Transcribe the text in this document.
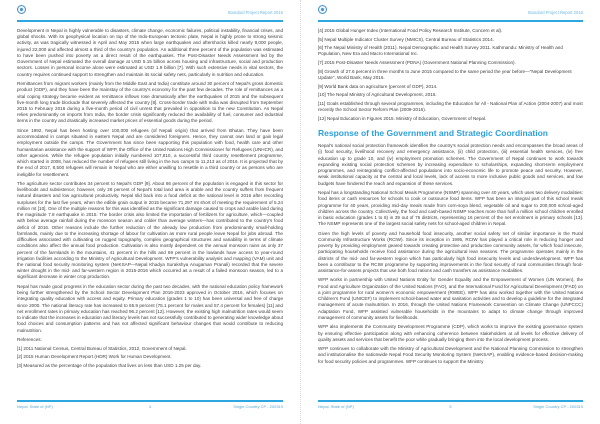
Standard Project Report 2016

Development in Nepal is highly vulnerable to disasters, climate change, economic failures, political instability, financial crises, and global shocks. With its geophysical location on top of the Indo-European tectonic plate, Nepal is highly prone to strong seismic activity, as was tragically witnessed in April and May 2015 when large earthquakes and aftershocks killed nearly 9,000 people, injured 22,000 and affected almost a third of the country's population. An additional three percent of the population was estimated to have been pushed into poverty as a direct result of the earthquakes. The Post-Disaster Needs Assessment led by the Government of Nepal estimated the overall damage at USD 5.15 billion across housing and infrastructure, social and production sectors. Losses in personal income alone were estimated at USD 1.9 billion [7]. With such extensive needs in vital sectors, the country requires continued support to strengthen and maintain its social safety nets, particularly in nutrition and education.

Remittances from migrant workers (mainly from the Middle East and India) constitute around 30 percent of Nepal's gross domestic product (GDP), and they have been the mainstay of the country's economy for the past few decades. The role of remittances as a vital coping strategy became evident as remittance inflows rose dramatically after the earthquakes of 2015 and the subsequent five-month long trade blockade that severely affected the country [8]. Cross-border trade with India was disrupted from September 2015 to February 2016 during a five-month period of civil unrest that prevailed in opposition to the new Constitution. As Nepal relies predominantly on imports from India, the border crisis significantly reduced the availability of fuel, consumer and industrial items in the country and drastically increased market prices of essential goods during the period.

Since 1992, Nepal has been hosting over 100,000 refugees (of Nepali origin) that arrived from Bhutan. They have been accommodated in camps situated in eastern Nepal and are considered foreigners. Hence, they cannot own land or gain legal employment outside the camps. The Government has since been supporting this population with food, health care and other humanitarian assistance with the support of WFP, the Office of the United Nations High Commissioner for Refugees (UNHCR), and other agencies. While the refugee population initially numbered 107,810, a successful third country resettlement programme, which started in 2008, has reduced the number of refugees still living in the two camps to 11,213 as of 2016. It is projected that by the end of 2017, 8,500 refugees will remain in Nepal who are either unwilling to resettle in a third country or as persons who are ineligible for resettlement.

The agriculture sector contributes 34 percent to Nepal's GDP [9]. About 66 percent of the population is engaged in this sector for livelihoods and subsistence; however, only 28 percent of Nepal's total land area is arable and the country suffers from frequent natural disasters and low agricultural productivity. Nepal slid back into a food deficit at the national level in 2016 after recording surpluses for the last five years, when the edible grain output in 2015 became 71,297 mt short of meeting the requirement of 5.24 million mt [10]. One of the multiple reasons for this was identified as the significant damage caused to crops and arable land during the magnitude 7.8 earthquake in 2015. The border crisis also limited the importation of fertilizers for agriculture, which—coupled with below average rainfall during the monsoon season and colder than average winters—has contributed to the country's food deficit of 2016. Other reasons include the further reduction of the already low production from predominantly small-holding farmlands, mainly due to the increasing shortage of labour for cultivation as more rural people leave Nepal for jobs abroad. The difficulties associated with cultivating on rugged topography, complex geographical structures and variability in terms of climate conditions also affect the annual food production. Cultivation is also mostly dependent on the annual monsoon rains as only 37 percent of the farmlands in the mountains, 41 percent in the hills and 69 percent in the lowlands have access to year-round irrigation facilities according to the Ministry of Agricultural Development. WFP's vulnerability analysis and mapping (VAM) unit and the national food security monitoring system (NeKSAP—Nepal Khadya Surakshya Anugaman Pranali) recorded that the severe winter drought in the mid- and far-western region in 2015-2016 which occurred as a result of a failed monsoon season, led to a significant decrease in winter crop production.

Nepal has made good progress in the education sector during the past two decades, with the national education policy framework being further strengthened by the School Sector Development Plan 2016-2023 approved in October 2016, which focuses on integrating quality education with access and equity. Primary education (grades 1 to 10) has been universal and free of charge since 2000. The national literacy rate has increased to 65.9 percent (75.1 percent for males and 57.4 percent for females) [11] and net enrollment rates in primary education has reached 96.2 percent [12]. However, the existing high malnutrition rates would seem to indicate that the increases in education and literacy levels has not successfully contributed to generating wider knowledge about food choices and consumption patterns and has not affected significant behaviour changes that would contribute to reducing malnutrition.

References:

[1] 2011 National Census, Central Bureau of Statistics, 2012, Government of Nepal.

[2] 2015 Human Development Report (HDR) Work for Human Development.

[3] Measured as the percentage of the population that lives on less than USD 1.25 per day.

Nepal, State of (NP)	4	Single Country CP - 200319
Standard Project Report 2016

[4] 2015 Global Hunger Index (International Food Policy Research Institute, Concern et al).

[5] Nepal Multiple Indicator Cluster Survey (NMICS), Central Bureau of Statistics 2014.

[6] The Nepal Ministry of Health (2011). Nepal Demographic and Health Survey 2011. Kathmandu: Ministry of Health and Population, New Era and Macro International Inc.

[7] 2015 Post-Disaster Needs Assessment (PDNA) (Government National Planning Commission).

[8] Growth of 27.6 percent in three months to June 2015 compared to the same period the year before—"Nepal Development Update", World Bank, May 2016.

[9] World Bank data on agriculture (percent of GDP), 2014.

[10] The Nepal Ministry of Agricultural Development, 2016.

[11] Goals established through several programmes, including the Education for All - National Plan of Action (2004-2007) and most recently the School Sector Reform Plan (2009-2016).

[12] Nepal Education in Figures 2015. Ministry of Education, Government of Nepal.

Response of the Government and Strategic Coordination

Nepal's national social protection framework identifies the country's social protection needs and encompasses the broad areas of (i) food security, livelihood recovery and emergency assistance, (ii) child protection, (iii) essential health services, (iv) free education up to grade 10, and (iv) employment promotion schemes. The Government of Nepal continues to work towards expanding existing social protection schemes by increasing expenditure to scholarships, expanding short-term employment programmes, and reintegrating conflict-affected populations into socio-economic life to promote peace and security. However, weak institutional capacity at the central and local levels, lack of access to more inclusive public goods and services, and low budgets have hindered the reach and expansion of these services.

Nepal has a longstanding National School Meals Programme (NSMP) spanning over 40 years, which uses two delivery modalities: food items or cash resources for schools to cook or outsource food items. WFP has been an integral part of this school meals programme for 40 years, providing mid-day meals made from corn-soya blend, vegetable oil and sugar to 200,000 school-aged children across the country. Collectively, the food and cash-based NSMP reaches more than half a million school children enrolled in basic education (grades 1 to 8) in 39 out of 75 districts, representing 16 percent of the net enrolment in primary schools [13]. The NSMP represents one of the largest social safety nets for school-aged children in Nepal.

Given the high levels of poverty and household food insecurity, another social safety net of similar importance is the Rural Community Infrastructure Works (RCIW). Since its inception in 1995, RCIW has played a critical role in reducing hunger and poverty by providing employment geared towards creating protective and productive community assets, for which food insecure, participating households receive food assistance during the agricultural lean seasons. The programme operates mainly in the districts of the mid- and far-western region which has particularly high food insecurity levels and underdevelopment. WFP has been a contributor to the RCIW programme by supporting improvements in the food security of rural communities through food-assistance-for-assets projects that use both food rations and cash transfers as assistance modalities.

WFP works in partnership with United Nations Entity for Gender Equality and the Empowerment of Women (UN Women), the Food and Agriculture Organization of the United Nations (FAO), and the International Fund for Agricultural Development (IFAD) on a joint programme for rural women's economic empowerment (RWEE). WFP has also worked together with the United Nations Children's Fund (UNICEF) to implement school-based water and sanitation activities and to develop a guideline for the integrated management of acute malnutrition. In 2016, through the United Nations Framework Convention on Climate Change (UNFCCC) Adaptation Fund, WFP assisted vulnerable households in the mountains to adapt to climate change through improved management of community assets for livelihoods.

WFP also implements the Community Development Programme (CDP), which works to improve the existing governance system by ensuring effective participation along with enhancing coherence between stakeholders at all levels for effective delivery of quality assets and services that benefit the poor while gradually bringing them into the local development process.

WFP continues to collaborate with the Ministry of Agricultural Development and the National Planning Commission to strengthen and institutionalise the nationwide Nepal Food Security Monitoring System (NeKSAP), enabling evidence-based decision-making for food security policies and programmes. WFP continues to support the Ministry

Nepal, State of (NP)	5	Single Country CP - 200319
